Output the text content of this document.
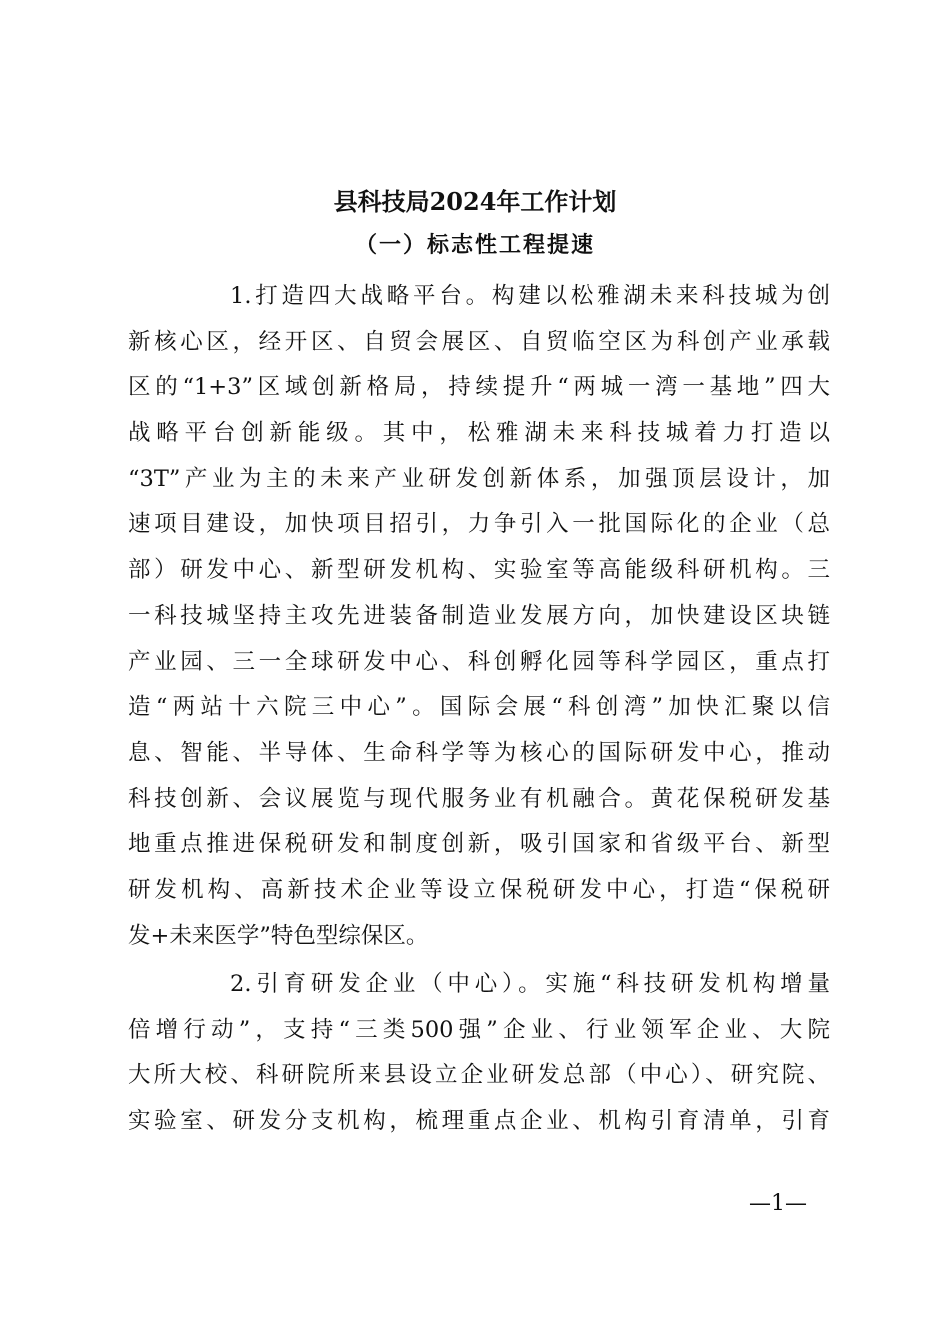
县科技局2024年工作计划
（一）标志性工程提速
1.打造四大战略平台。构建以松雅湖未来科技城为创
新核心区，经开区、自贸会展区、自贸临空区为科创产业承载
区的“1+3”区域创新格局，持续提升“两城一湾一基地”四大
战略平台创新能级。其中，松雅湖未来科技城着力打造以
“3T”产业为主的未来产业研发创新体系，加强顶层设计，加
速项目建设，加快项目招引，力争引入一批国际化的企业（总
部）研发中心、新型研发机构、实验室等高能级科研机构。三
一科技城坚持主攻先进装备制造业发展方向，加快建设区块链
产业园、三一全球研发中心、科创孵化园等科学园区，重点打
造“两站十六院三中心”。国际会展“科创湾”加快汇聚以信
息、智能、半导体、生命科学等为核心的国际研发中心，推动
科技创新、会议展览与现代服务业有机融合。黄花保税研发基
地重点推进保税研发和制度创新，吸引国家和省级平台、新型
研发机构、高新技术企业等设立保税研发中心，打造“保税研
发+未来医学”特色型综保区。
2.引育研发企业（中心）。实施“科技研发机构增量
倍增行动”，支持“三类500强”企业、行业领军企业、大院
大所大校、科研院所来县设立企业研发总部（中心）、研究院、
实验室、研发分支机构，梳理重点企业、机构引育清单，引育
—1—
